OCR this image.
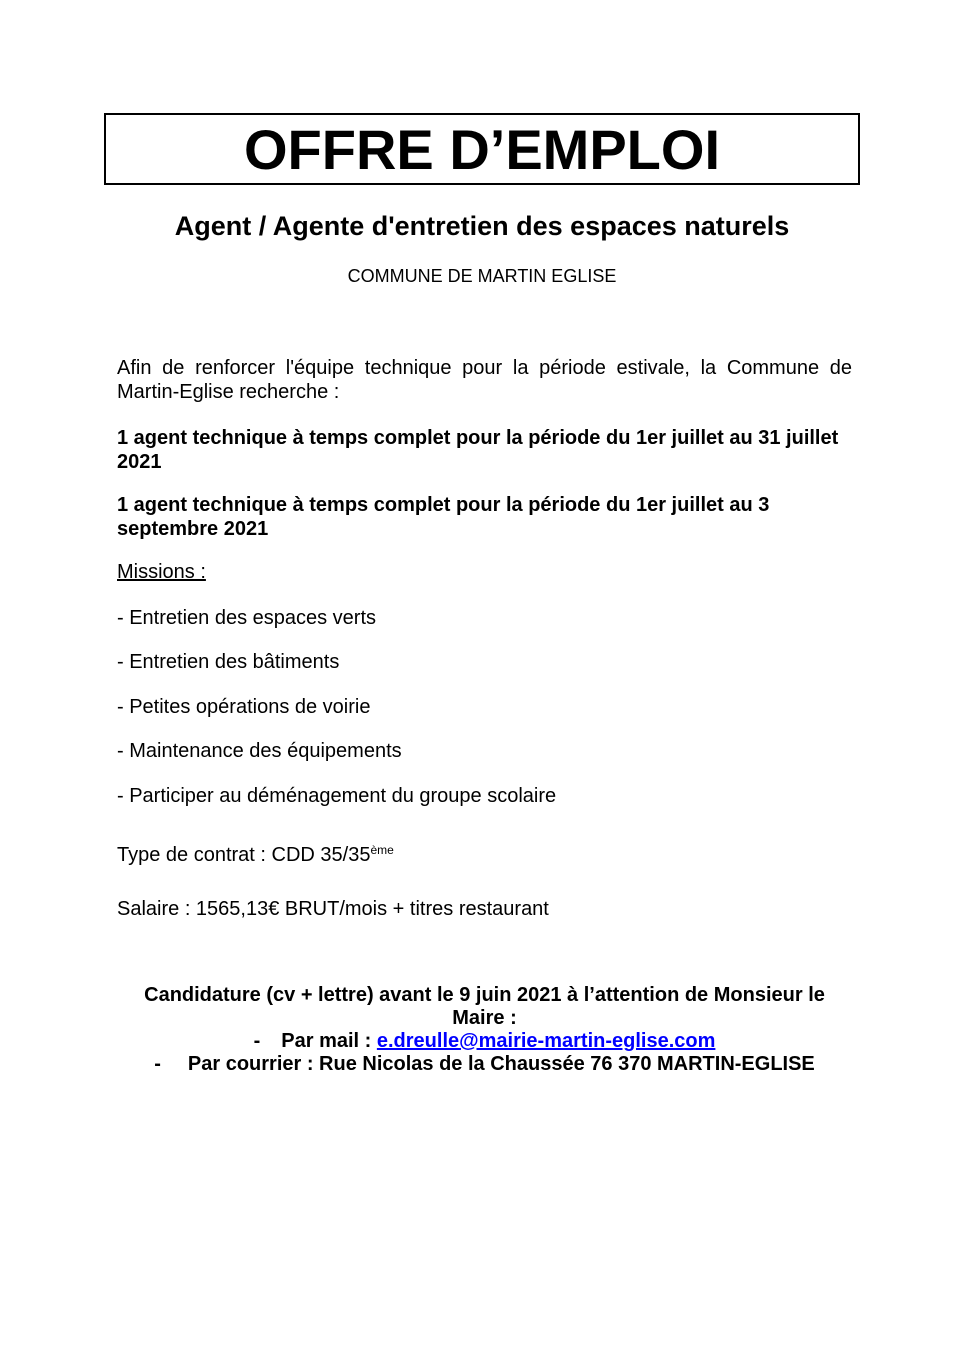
OFFRE D’EMPLOI
Agent / Agente d'entretien des espaces naturels
COMMUNE DE MARTIN EGLISE

Afin de renforcer l'équipe technique pour la période estivale, la Commune de Martin-Eglise recherche :

1 agent technique à temps complet pour la période du 1er juillet au 31 juillet 2021

1 agent technique à temps complet pour la période du 1er juillet au 3 septembre 2021

Missions :

- Entretien des espaces verts

- Entretien des bâtiments

- Petites opérations de voirie

- Maintenance des équipements

- Participer au déménagement du groupe scolaire

Type de contrat : CDD 35/35ème

Salaire : 1565,13€ BRUT/mois + titres restaurant

Candidature (cv + lettre) avant le 9 juin 2021 à l’attention de Monsieur le Maire :

- Par mail : e.dreulle@mairie-martin-eglise.com

- Par courrier : Rue Nicolas de la Chaussée 76 370 MARTIN-EGLISE
